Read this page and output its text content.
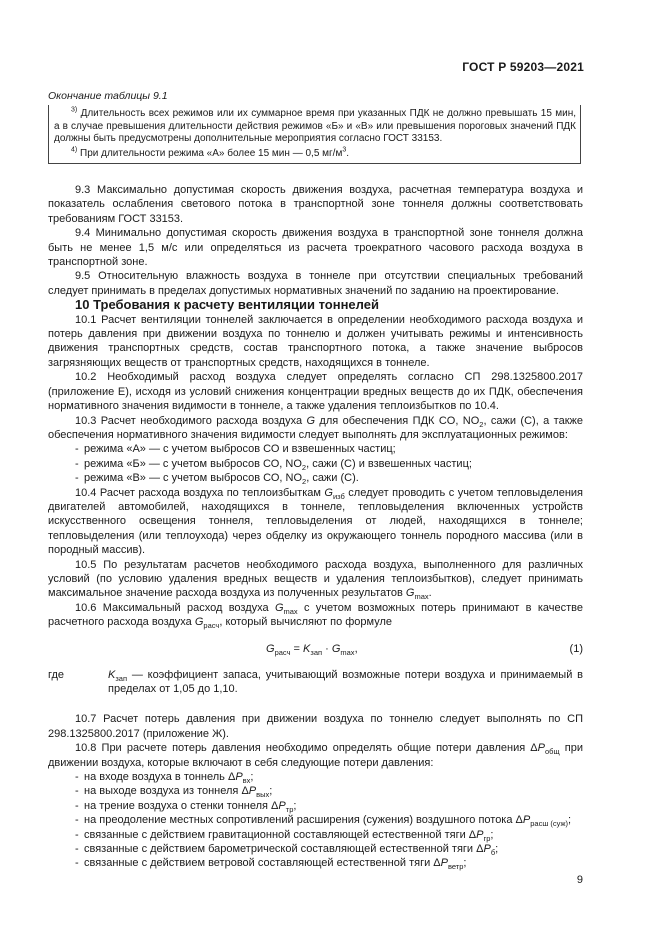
ГОСТ Р 59203—2021
Окончание таблицы 9.1

$^{3)}$ Длительность всех режимов или их суммарное время при указанных ПДК не должно превышать 15 мин, а в случае превышения длительности действия режимов «Б» и «В» или превышения пороговых значений ПДК должны быть предусмотрены дополнительные мероприятия согласно ГОСТ 33153.

$^{4)}$ При длительности режима «А» более 15 мин — 0,5 $мг/м^3$.

9.3 Максимально допустимая скорость движения воздуха, расчетная температура воздуха и показатель ослабления светового потока в транспортной зоне тоннеля должны соответствовать требованиям ГОСТ 33153.

9.4 Минимально допустимая скорость движения воздуха в транспортной зоне тоннеля должна быть не менее 1,5 м/с или определяться из расчета троекратного часового расхода воздуха в транспортной зоне.

9.5 Относительную влажность воздуха в тоннеле при отсутствии специальных требований следует принимать в пределах допустимых нормативных значений по заданию на проектирование.

10 Требования к расчету вентиляции тоннелей

10.1 Расчет вентиляции тоннелей заключается в определении необходимого расхода воздуха и потерь давления при движении воздуха по тоннелю и должен учитывать режимы и интенсивность движения транспортных средств, состав транспортного потока, а также значение выбросов загрязняющих веществ от транспортных средств, находящихся в тоннеле.

10.2 Необходимый расход воздуха следует определять согласно СП 298.1325800.2017 (приложение Е), исходя из условий снижения концентрации вредных веществ до их ПДК, обеспечения нормативного значения видимости в тоннеле, а также удаления теплоизбытков по 10.4.

10.3 Расчет необходимого расхода воздуха G для обеспечения ПДК CO, $NO_2$, сажи (С), а также обеспечения нормативного значения видимости следует выполнять для эксплуатационных режимов:

- режима «А» — с учетом выбросов СО и взвешенных частиц;

- режима «Б» — с учетом выбросов СО, $NO_2$, сажи (С) и взвешенных частиц;

- режима «В» — с учетом выбросов СО, $NO_2$, сажи (С).

10.4 Расчет расхода воздуха по теплоизбыткам $G_{изб}$ следует проводить с учетом тепловыделения двигателей автомобилей, находящихся в тоннеле, тепловыделения включенных устройств искусственного освещения тоннеля, тепловыделения от людей, находящихся в тоннеле; тепловыделения (или теплоухода) через обделку из окружающего тоннель породного массива (или в породный массив).

10.5 По результатам расчетов необходимого расхода воздуха, выполненного для различных условий (по условию удаления вредных веществ и удаления теплоизбытков), следует принимать максимальное значение расхода воздуха из полученных результатов $G_{max}$.

10.6 Максимальный расход воздуха $G_{max}$ с учетом возможных потерь принимают в качестве расчетного расхода воздуха $G_{расч}$, который вычисляют по формуле

$G_{расч} = K_{зап} \cdot G_{max}$,	(1)

где	$K_{зап}$ — коэффициент запаса, учитывающий возможные потери воздуха и принимаемый в пределах от 1,05 до 1,10.

10.7 Расчет потерь давления при движении воздуха по тоннелю следует выполнять по СП 298.1325800.2017 (приложение Ж).

10.8 При расчете потерь давления необходимо определять общие потери давления $\Delta P_{общ}$ при движении воздуха, которые включают в себя следующие потери давления:

- на входе воздуха в тоннель $\Delta P_{вх}$;

- на выходе воздуха из тоннеля $\Delta P_{вых}$;

- на трение воздуха о стенки тоннеля $\Delta P_{тр}$;

- на преодоление местных сопротивлений расширения (сужения) воздушного потока $\Delta P_{расш (суж)}$;

- связанные с действием гравитационной составляющей естественной тяги $\Delta P_{гр}$;

- связанные с действием барометрической составляющей естественной тяги $\Delta P_б$;

- связанные с действием ветровой составляющей естественной тяги $\Delta P_{ветр}$;

9
